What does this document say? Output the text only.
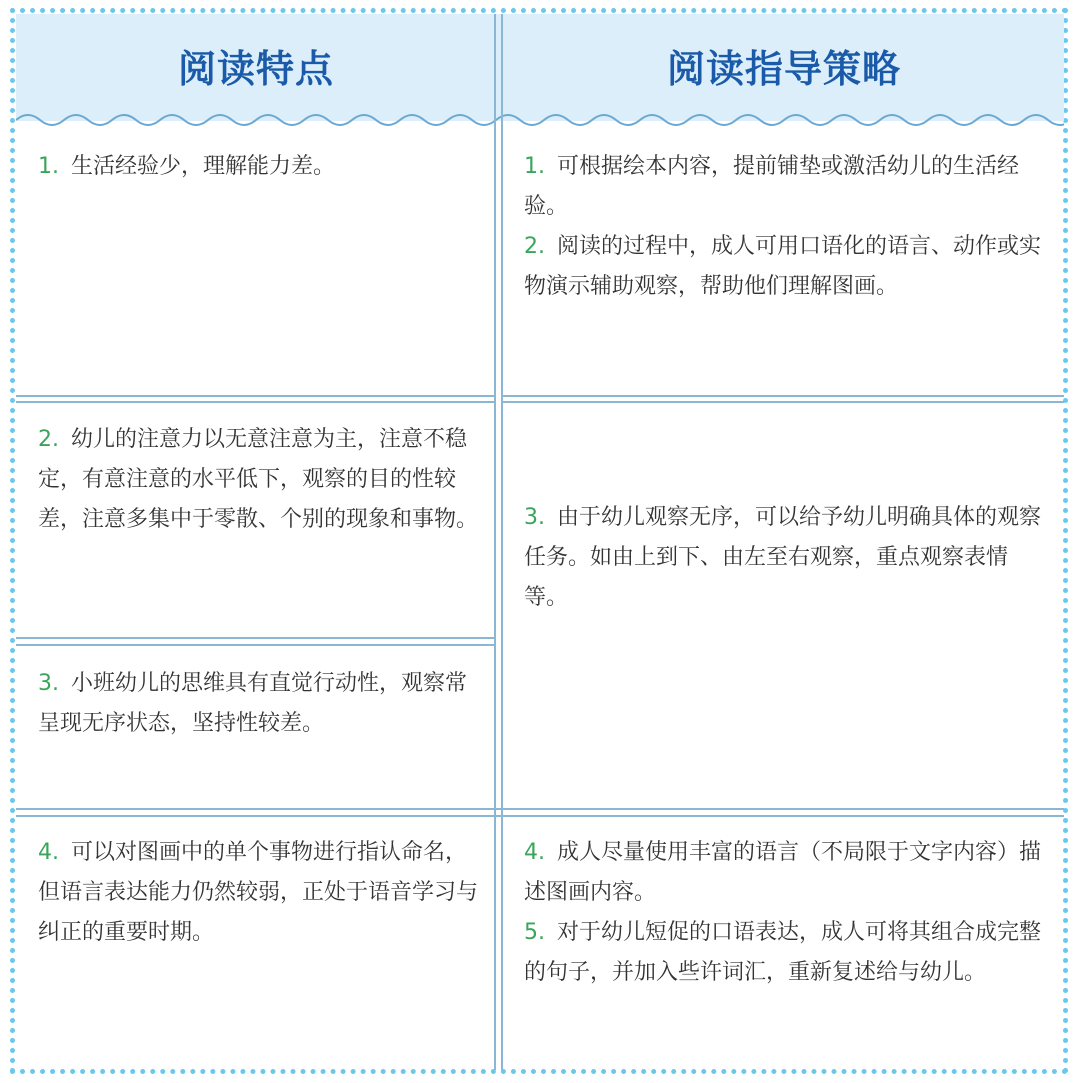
阅读特点	阅读指导策略

1. 生活经验少，理解能力差。	1. 可根据绘本内容，提前铺垫或激活幼儿的生活经验。

2. 阅读的过程中，成人可用口语化的语言、动作或实物演示辅助观察，帮助他们理解图画。

2. 幼儿的注意力以无意注意为主，注意不稳定，有意注意的水平低下，观察的目的性较差，注意多集中于零散、个别的现象和事物。 3. 由于幼儿观察无序，可以给予幼儿明确具体的观察任务。如由上到下、由左至右观察，重点观察表情等。

3. 小班幼儿的思维具有直觉行动性，观察常呈现无序状态，坚持性较差。

4. 可以对图画中的单个事物进行指认命名，但语言表达能力仍然较弱，正处于语音学习与纠正的重要时期。

4. 成人尽量使用丰富的语言（不局限于文字内容）描述图画内容。

5. 对于幼儿短促的口语表达，成人可将其组合成完整的句子，并加入些许词汇，重新复述给与幼儿。
